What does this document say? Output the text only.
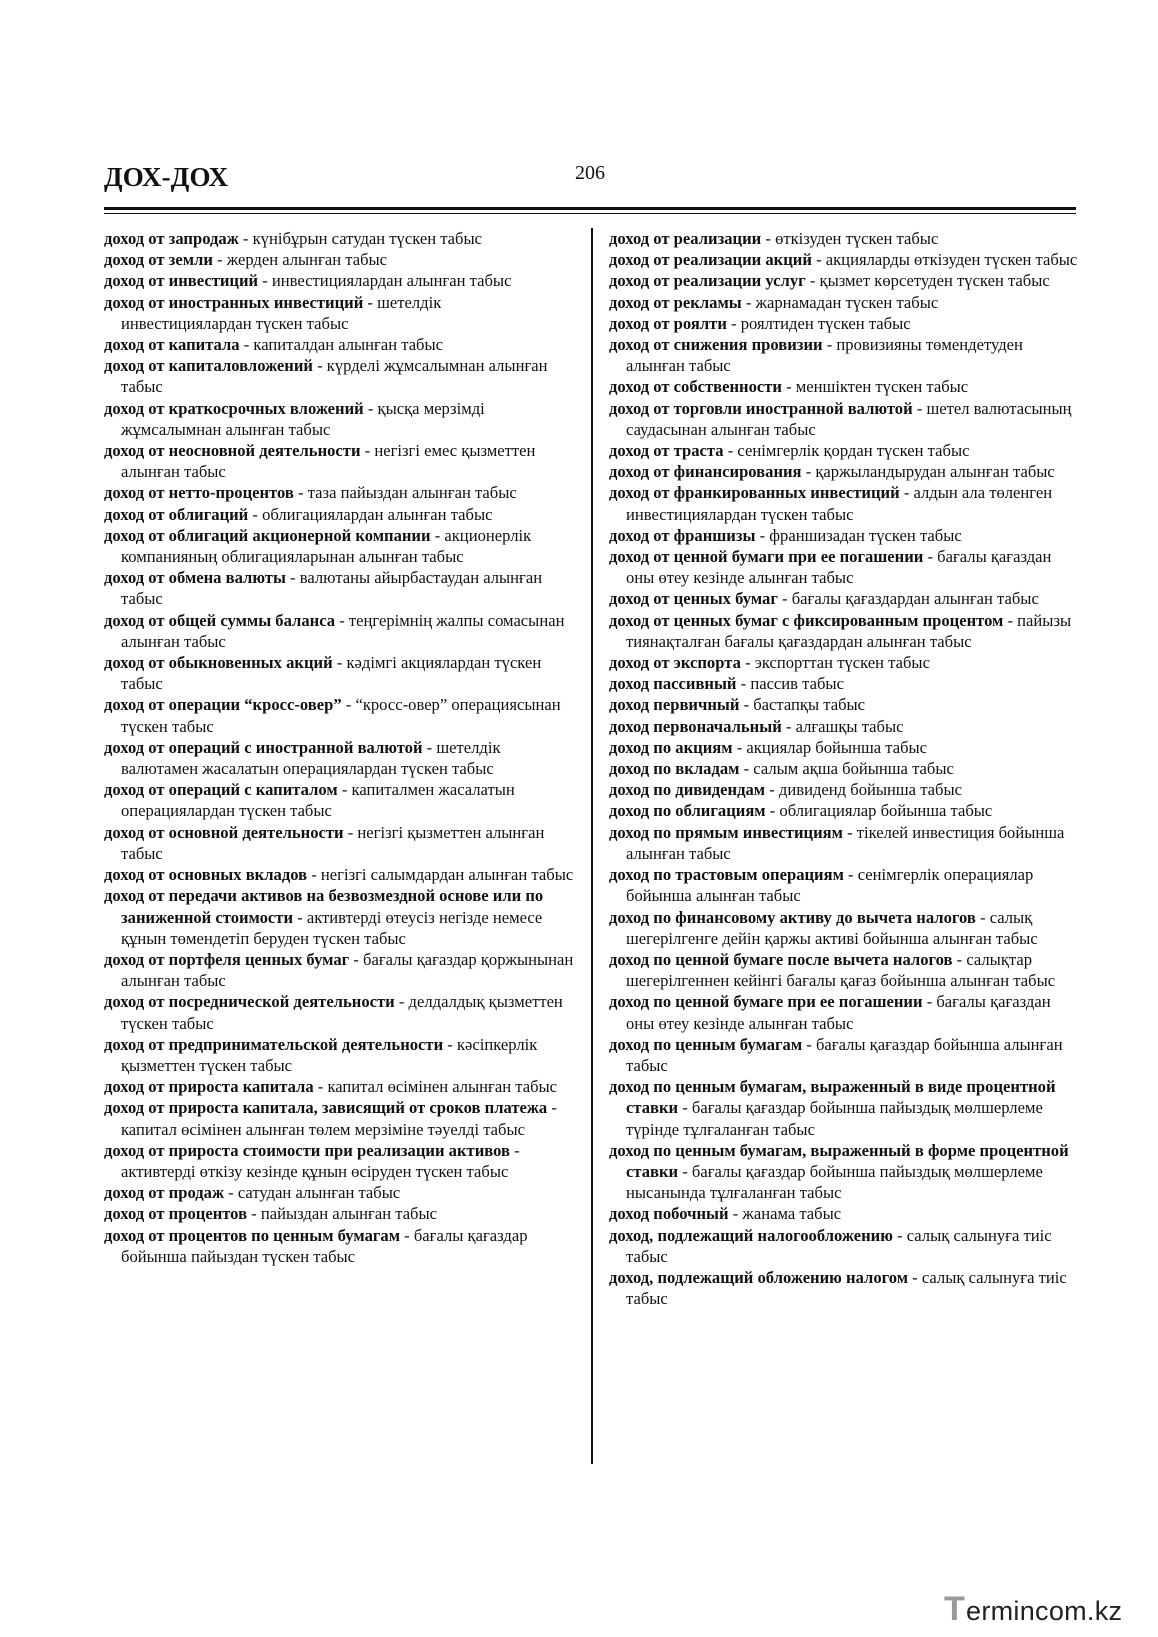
ДОХ-ДОХ	206

доход от запродаж - күнібұрын сатудан түскен табыс

доход от земли - жерден алынған табыс

доход от инвестиций - инвестициялардан алынған табыс

доход от иностранных инвестиций - шетелдік инвестициялардан түскен табыс

доход от капитала - капиталдан алынған табыс

доход от капиталовложений - күрделі жұмсалымнан алынған табыс

доход от краткосрочных вложений - қысқа мерзімді жұмсалымнан алынған табыс

доход от неосновной деятельности - негізгі емес қызметтен алынған табыс

доход от нетто-процентов - таза пайыздан алынған табыс

доход от облигаций - облигациялардан алынған табыс

доход от облигаций акционерной компании - акционерлік компанияның облигацияларынан алынған табыс

доход от обмена валюты - валютаны айырбастаудан алынған табыс

доход от общей суммы баланса - теңгерімнің жалпы сомасынан алынған табыс

доход от обыкновенных акций - кәдімгі акциялардан түскен табыс

доход от операции “кросс-овер” - “кросс-овер” операциясынан түскен табыс

доход от операций с иностранной валютой - шетелдік валютамен жасалатын операциялардан түскен табыс

доход от операций с капиталом - капиталмен жасалатын операциялардан түскен табыс

доход от основной деятельности - негізгі қызметтен алынған табыс

доход от основных вкладов - негізгі салымдардан алынған табыс

доход от передачи активов на безвозмездной основе или по заниженной стоимости - активтерді өтеусіз негізде немесе құнын төмендетіп беруден түскен табыс

доход от портфеля ценных бумаг - бағалы қағаздар қоржынынан алынған табыс

доход от посреднической деятельности - делдалдық қызметтен түскен табыс

доход от предпринимательской деятельности - кәсіпкерлік қызметтен түскен табыс

доход от прироста капитала - капитал өсімінен алынған табыс

доход от прироста капитала, зависящий от сроков платежа - капитал өсімінен алынған төлем мерзіміне тәуелді табыс

доход от прироста стоимости при реализации активов - активтерді өткізу кезінде құнын өсіруден түскен табыс

доход от продаж - сатудан алынған табыс

доход от процентов - пайыздан алынған табыс

доход от процентов по ценным бумагам - бағалы қағаздар бойынша пайыздан түскен табыс

доход от реализации - өткізуден түскен табыс

доход от реализации акций - акцияларды өткізуден түскен табыс

доход от реализации услуг - қызмет көрсетуден түскен табыс

доход от рекламы - жарнамадан түскен табыс

доход от роялти - роялтиден түскен табыс

доход от снижения провизии - провизияны төмендетуден алынған табыс

доход от собственности - меншіктен түскен табыс

доход от торговли иностранной валютой - шетел валютасының саудасынан алынған табыс

доход от траста - сенімгерлік қордан түскен табыс

доход от финансирования - қаржыландырудан алынған табыс

доход от франкированных инвестиций - алдын ала төленген инвестициялардан түскен табыс

доход от франшизы - франшизадан түскен табыс

доход от ценной бумаги при ее погашении - бағалы қағаздан оны өтеу кезінде алынған табыс

доход от ценных бумаг - бағалы қағаздардан алынған табыс

доход от ценных бумаг с фиксированным процентом - пайызы тиянақталған бағалы қағаздардан алынған табыс

доход от экспорта - экспорттан түскен табыс

доход пассивный - пассив табыс

доход первичный - бастапқы табыс

доход первоначальный - алғашқы табыс

доход по акциям - акциялар бойынша табыс

доход по вкладам - салым ақша бойынша табыс

доход по дивидендам - дивиденд бойынша табыс

доход по облигациям - облигациялар бойынша табыс

доход по прямым инвестициям - тікелей инвестиция бойынша алынған табыс

доход по трастовым операциям - сенімгерлік операциялар бойынша алынған табыс

доход по финансовому активу до вычета налогов - салық шегерілгенге дейін қаржы активі бойынша алынған табыс

доход по ценной бумаге после вычета налогов - салықтар шегерілгеннен кейінгі бағалы қағаз бойынша алынған табыс

доход по ценной бумаге при ее погашении - бағалы қағаздан оны өтеу кезінде алынған табыс

доход по ценным бумагам - бағалы қағаздар бойынша алынған табыс

доход по ценным бумагам, выраженный в виде процентной ставки - бағалы қағаздар бойынша пайыздық мөлшерлеме түрінде тұлғаланған табыс

доход по ценным бумагам, выраженный в форме процентной ставки - бағалы қағаздар бойынша пайыздық мөлшерлеме нысанында тұлғаланған табыс

доход побочный - жанама табыс

доход, подлежащий налогообложению - салық салынуға тиіс табыс

доход, подлежащий обложению налогом - салық салынуға тиіс табыс

T ermincom.kz
